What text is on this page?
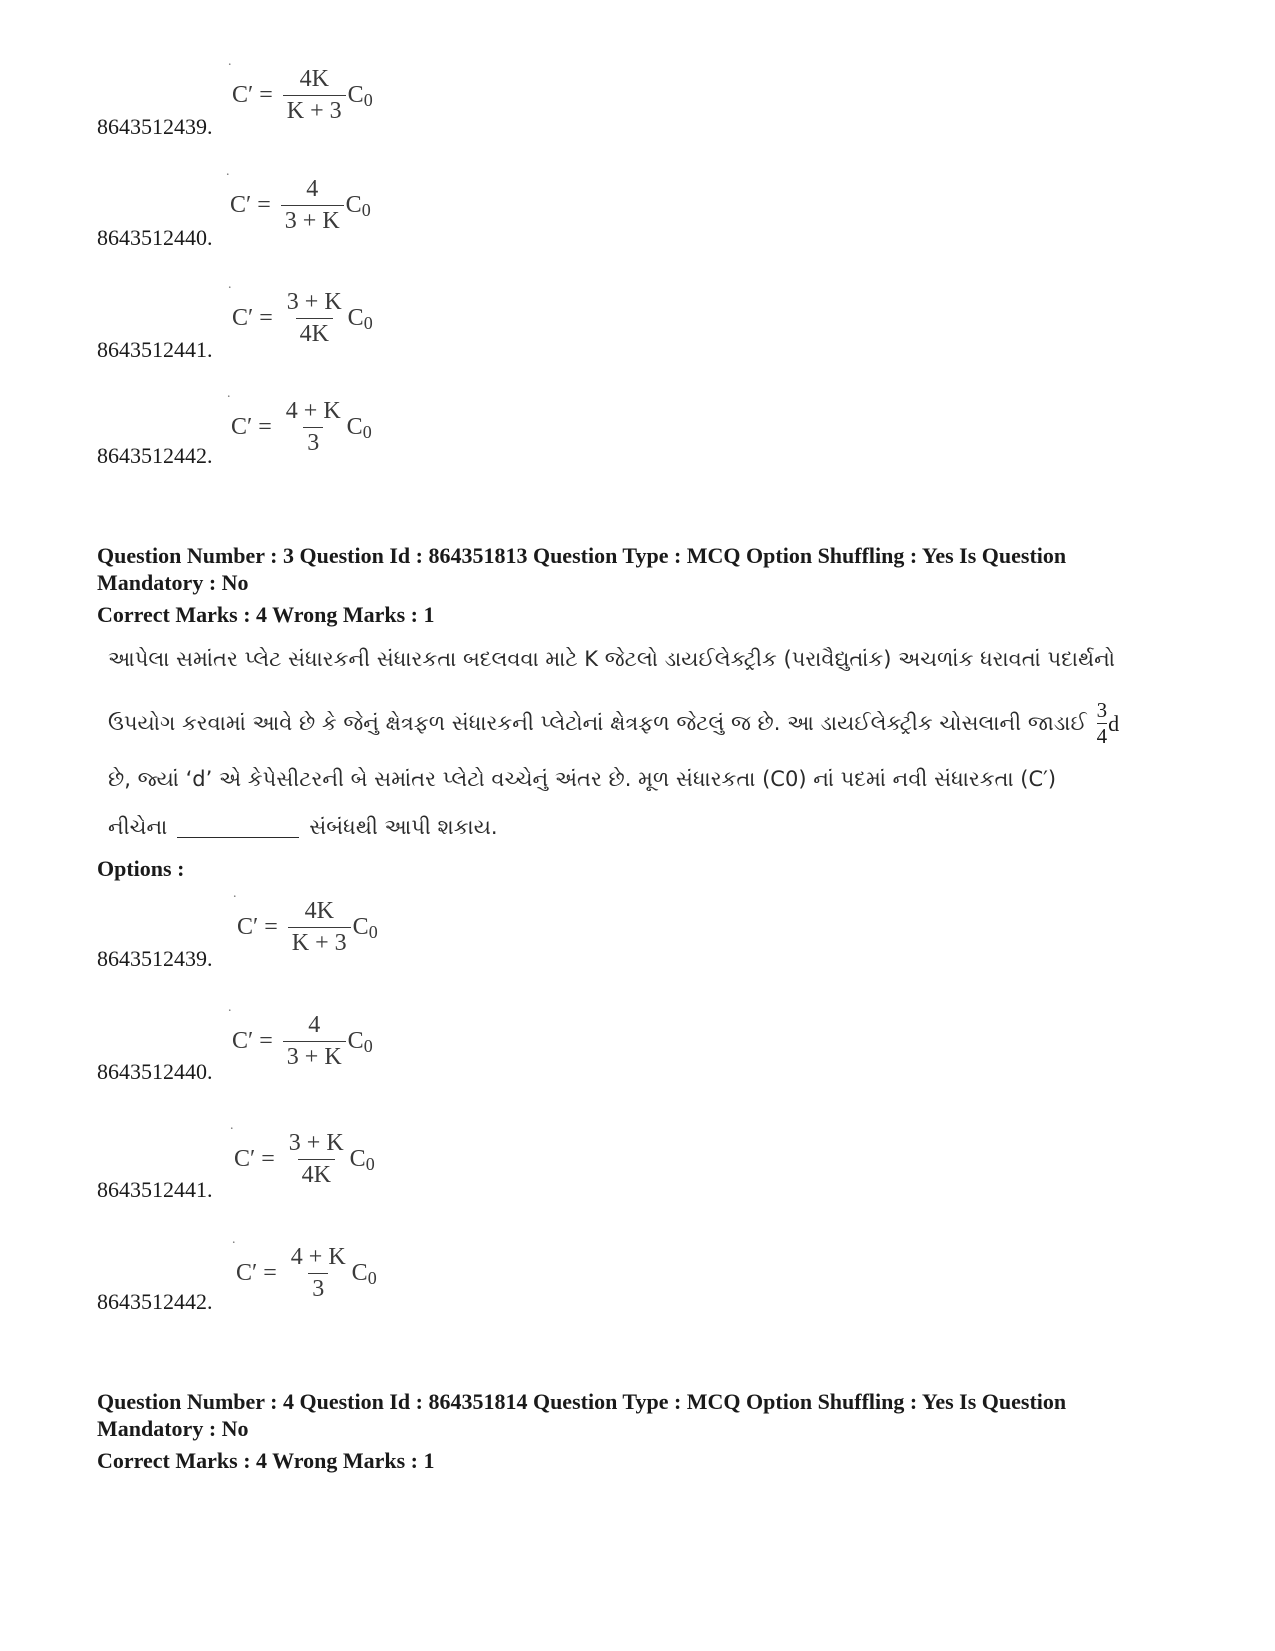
.
$C' = \frac{4K}{K + 3}$ C 0
8643512439.
.
$C' = \frac{4}{3 + K}$ C 0
8643512440.
.
$C' = \frac{3 + K}{4K}$ C 0
8643512441.
.
$C' = \frac{4 + K}{3}$ C 0
8643512442.
Question Number : 3 Question Id : 864351813 Question Type : MCQ Option Shuffling : Yes Is Question
Mandatory : No
Correct Marks : 4 Wrong Marks : 1
આપેલા સમાંતર પ્લેટ સંધારકની સંધારકતા બદલવવા માટે K જેટલો ડાયઈલેક્ટ્રીક (પરાવૈદ્યુતાંક) અચળાંક ધરાવતાં પદાર્થનો
ઉપયોગ કરવામાં આવે છે કે જેનું ક્ષેત્રફળ સંધારકની પ્લેટોનાં ક્ષેત્રફળ જેટલું જ છે. આ ડાયઈલેક્ટ્રીક ચોસલાની જાડાઈ $\frac{3}{4}$ d
છે, જ્યાં ‘d’ એ કેપેસીટરની બે સમાંતર પ્લેટો વચ્ચેનું અંતર છે. મૂળ સંધારકતા (C0) નાં પદમાં નવી સંધારકતા (C′)
નીચેના	સંબંધથી આપી શકાય.
Options :
.
$C' = \frac{4K}{K + 3}$ C 0
8643512439.
.
$C' = \frac{4}{3 + K}$ C 0
8643512440.
.
$C' = \frac{3 + K}{4K}$ C 0
8643512441.
.
$C' = \frac{4 + K}{3}$ C 0
8643512442.
Question Number : 4 Question Id : 864351814 Question Type : MCQ Option Shuffling : Yes Is Question
Mandatory : No
Correct Marks : 4 Wrong Marks : 1
